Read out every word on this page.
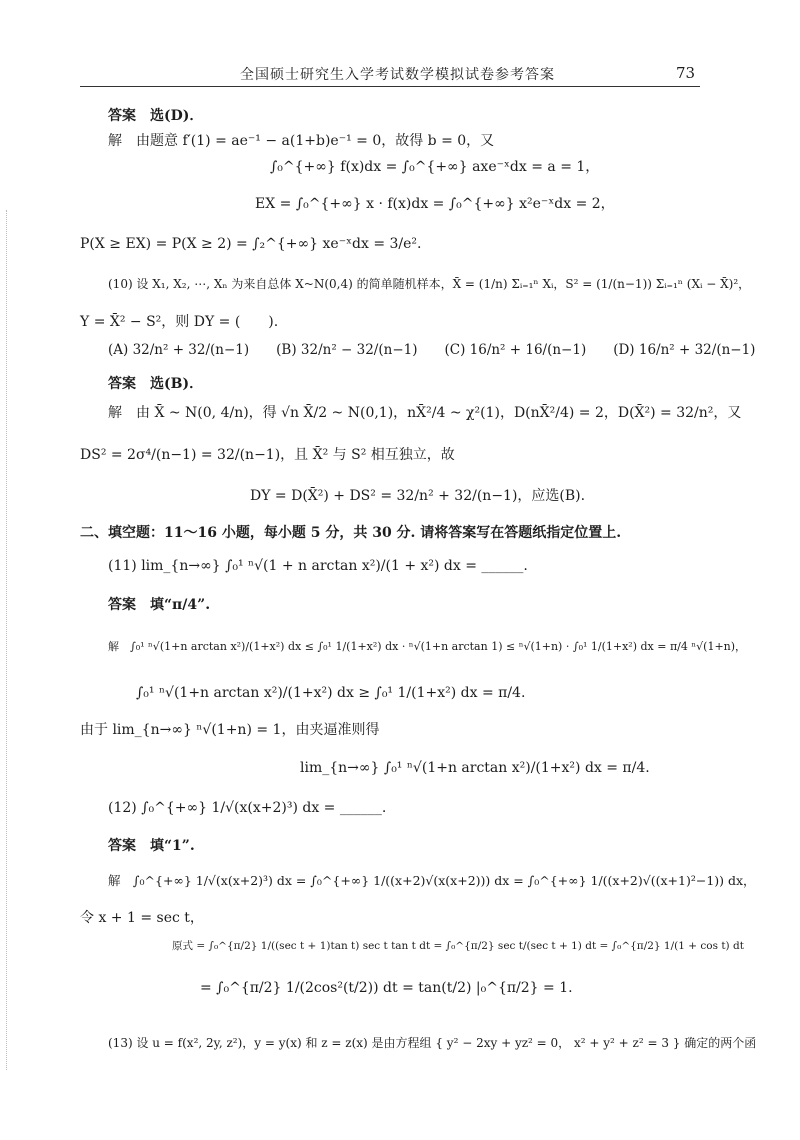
全国硕士研究生入学考试数学模拟试卷参考答案	73
答案　选(D)．
解　由题意 f′(1) = ae⁻¹ − a(1+b)e⁻¹ = 0，故得 b = 0，又
∫₀^{+∞} f(x)dx = ∫₀^{+∞} axe⁻ˣdx = a = 1，
EX = ∫₀^{+∞} x · f(x)dx = ∫₀^{+∞} x²e⁻ˣdx = 2，
P(X ≥ EX) = P(X ≥ 2) = ∫₂^{+∞} xe⁻ˣdx = 3/e².
(10) 设 X₁, X₂, ⋯, Xₙ 为来自总体 X~N(0,4) 的简单随机样本，X̄ = (1/n) Σᵢ₌₁ⁿ Xᵢ，S² = (1/(n−1)) Σᵢ₌₁ⁿ (Xᵢ − X̄)²，
Y = X̄² − S²，则 DY = (　　).
(A) 32/n² + 32/(n−1)　　(B) 32/n² − 32/(n−1)　　(C) 16/n² + 16/(n−1)　　(D) 16/n² + 32/(n−1)
答案　选(B)．
解　由 X̄ ~ N(0, 4/n)，得 √n X̄/2 ~ N(0,1)，nX̄²/4 ~ χ²(1)，D(nX̄²/4) = 2，D(X̄²) = 32/n²，又
DS² = 2σ⁴/(n−1) = 32/(n−1)，且 X̄² 与 S² 相互独立，故
DY = D(X̄²) + DS² = 32/n² + 32/(n−1)，应选(B).
二、填空题：11～16 小题，每小题 5 分，共 30 分. 请将答案写在答题纸指定位置上.
(11) lim_{n→∞} ∫₀¹ ⁿ√(1 + n arctan x²)/(1 + x²) dx = ______.
答案　填“π/4”.
解　∫₀¹ ⁿ√(1+n arctan x²)/(1+x²) dx ≤ ∫₀¹ 1/(1+x²) dx · ⁿ√(1+n arctan 1) ≤ ⁿ√(1+n) · ∫₀¹ 1/(1+x²) dx = π/4 ⁿ√(1+n)，
∫₀¹ ⁿ√(1+n arctan x²)/(1+x²) dx ≥ ∫₀¹ 1/(1+x²) dx = π/4.
由于 lim_{n→∞} ⁿ√(1+n) = 1，由夹逼准则得
lim_{n→∞} ∫₀¹ ⁿ√(1+n arctan x²)/(1+x²) dx = π/4.
(12) ∫₀^{+∞} 1/√(x(x+2)³) dx = ______.
答案　填“1”.
解　∫₀^{+∞} 1/√(x(x+2)³) dx = ∫₀^{+∞} 1/((x+2)√(x(x+2))) dx = ∫₀^{+∞} 1/((x+2)√((x+1)²−1)) dx，
令 x + 1 = sec t，
原式 = ∫₀^{π/2} 1/((sec t + 1)tan t) sec t tan t dt = ∫₀^{π/2} sec t/(sec t + 1) dt = ∫₀^{π/2} 1/(1 + cos t) dt
= ∫₀^{π/2} 1/(2cos²(t/2)) dt = tan(t/2) |₀^{π/2} = 1.
(13) 设 u = f(x², 2y, z²)，y = y(x) 和 z = z(x) 是由方程组 { y² − 2xy + yz² = 0， x² + y² + z² = 3 } 确定的两个函
